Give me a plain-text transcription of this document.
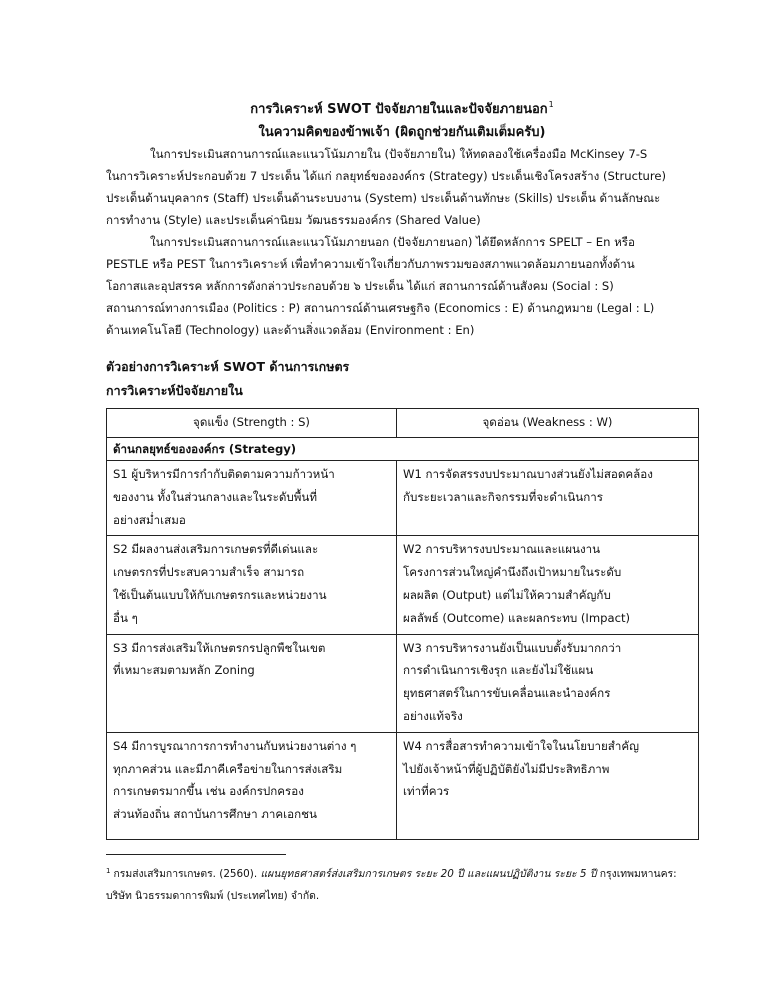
การวิเคราะห์ SWOT ปัจจัยภายในและปัจจัยภายนอก$^1$
ในความคิดของข้าพเจ้า (ผิดถูกช่วยกันเติมเต็มครับ)

ในการประเมินสถานการณ์และแนวโน้มภายใน (ปัจจัยภายใน) ให้ทดลองใช้เครื่องมือ McKinsey 7-S
ในการวิเคราะห์ประกอบด้วย 7 ประเด็น ได้แก่ กลยุทธ์ขององค์กร (Strategy) ประเด็นเชิงโครงสร้าง (Structure)
ประเด็นด้านบุคลากร (Staff) ประเด็นด้านระบบงาน (System) ประเด็นด้านทักษะ (Skills) ประเด็น ด้านลักษณะ
การทำงาน (Style) และประเด็นค่านิยม วัฒนธรรมองค์กร (Shared Value)

ในการประเมินสถานการณ์และแนวโน้มภายนอก (ปัจจัยภายนอก) ได้ยึดหลักการ SPELT – En หรือ
PESTLE หรือ PEST ในการวิเคราะห์ เพื่อทำความเข้าใจเกี่ยวกับภาพรวมของสภาพแวดล้อมภายนอกทั้งด้าน
โอกาสและอุปสรรค หลักการดังกล่าวประกอบด้วย ๖ ประเด็น ได้แก่ สถานการณ์ด้านสังคม (Social : S)
สถานการณ์ทางการเมือง (Politics : P) สถานการณ์ด้านเศรษฐกิจ (Economics : E) ด้านกฎหมาย (Legal : L)
ด้านเทคโนโลยี (Technology) และด้านสิ่งแวดล้อม (Environment : En)

ตัวอย่างการวิเคราะห์ SWOT ด้านการเกษตร
การวิเคราะห์ปัจจัยภายใน
จุดแข็ง (Strength : S)	จุดอ่อน (Weakness : W)
ด้านกลยุทธ์ขององค์กร (Strategy)	

S1 ผู้บริหารมีการกำกับติดตามความก้าวหน้า
ของงาน ทั้งในส่วนกลางและในระดับพื้นที่
อย่างสม่ำเสมอ	W1 การจัดสรรงบประมาณบางส่วนยังไม่สอดคล้อง
กับระยะเวลาและกิจกรรมที่จะดำเนินการ

S2 มีผลงานส่งเสริมการเกษตรที่ดีเด่นและ
เกษตรกรที่ประสบความสำเร็จ สามารถ
ใช้เป็นต้นแบบให้กับเกษตรกรและหน่วยงาน
อื่น ๆ	W2 การบริหารงบประมาณและแผนงาน
โครงการส่วนใหญ่คำนึงถึงเป้าหมายในระดับ
ผลผลิต (Output) แต่ไม่ให้ความสำคัญกับ
ผลลัพธ์ (Outcome) และผลกระทบ (Impact)

S3 มีการส่งเสริมให้เกษตรกรปลูกพืชในเขต
ที่เหมาะสมตามหลัก Zoning	W3 การบริหารงานยังเป็นแบบตั้งรับมากกว่า
การดำเนินการเชิงรุก และยังไม่ใช้แผน
ยุทธศาสตร์ในการขับเคลื่อนและนำองค์กร
อย่างแท้จริง

S4 มีการบูรณาการการทำงานกับหน่วยงานต่าง ๆ
ทุกภาคส่วน และมีภาคีเครือข่ายในการส่งเสริม
การเกษตรมากขึ้น เช่น องค์กรปกครอง
ส่วนท้องถิ่น สถาบันการศึกษา ภาคเอกชน	W4 การสื่อสารทำความเข้าใจในนโยบายสำคัญ
ไปยังเจ้าหน้าที่ผู้ปฏิบัติยังไม่มีประสิทธิภาพ
เท่าที่ควร
$^1$ กรมส่งเสริมการเกษตร. (2560). แผนยุทธศาสตร์ส่งเสริมการเกษตร ระยะ 20 ปี และแผนปฏิบัติงาน ระยะ 5 ปี กรุงเทพมหานคร:
บริษัท นิวธรรมดาการพิมพ์ (ประเทศไทย) จำกัด.
